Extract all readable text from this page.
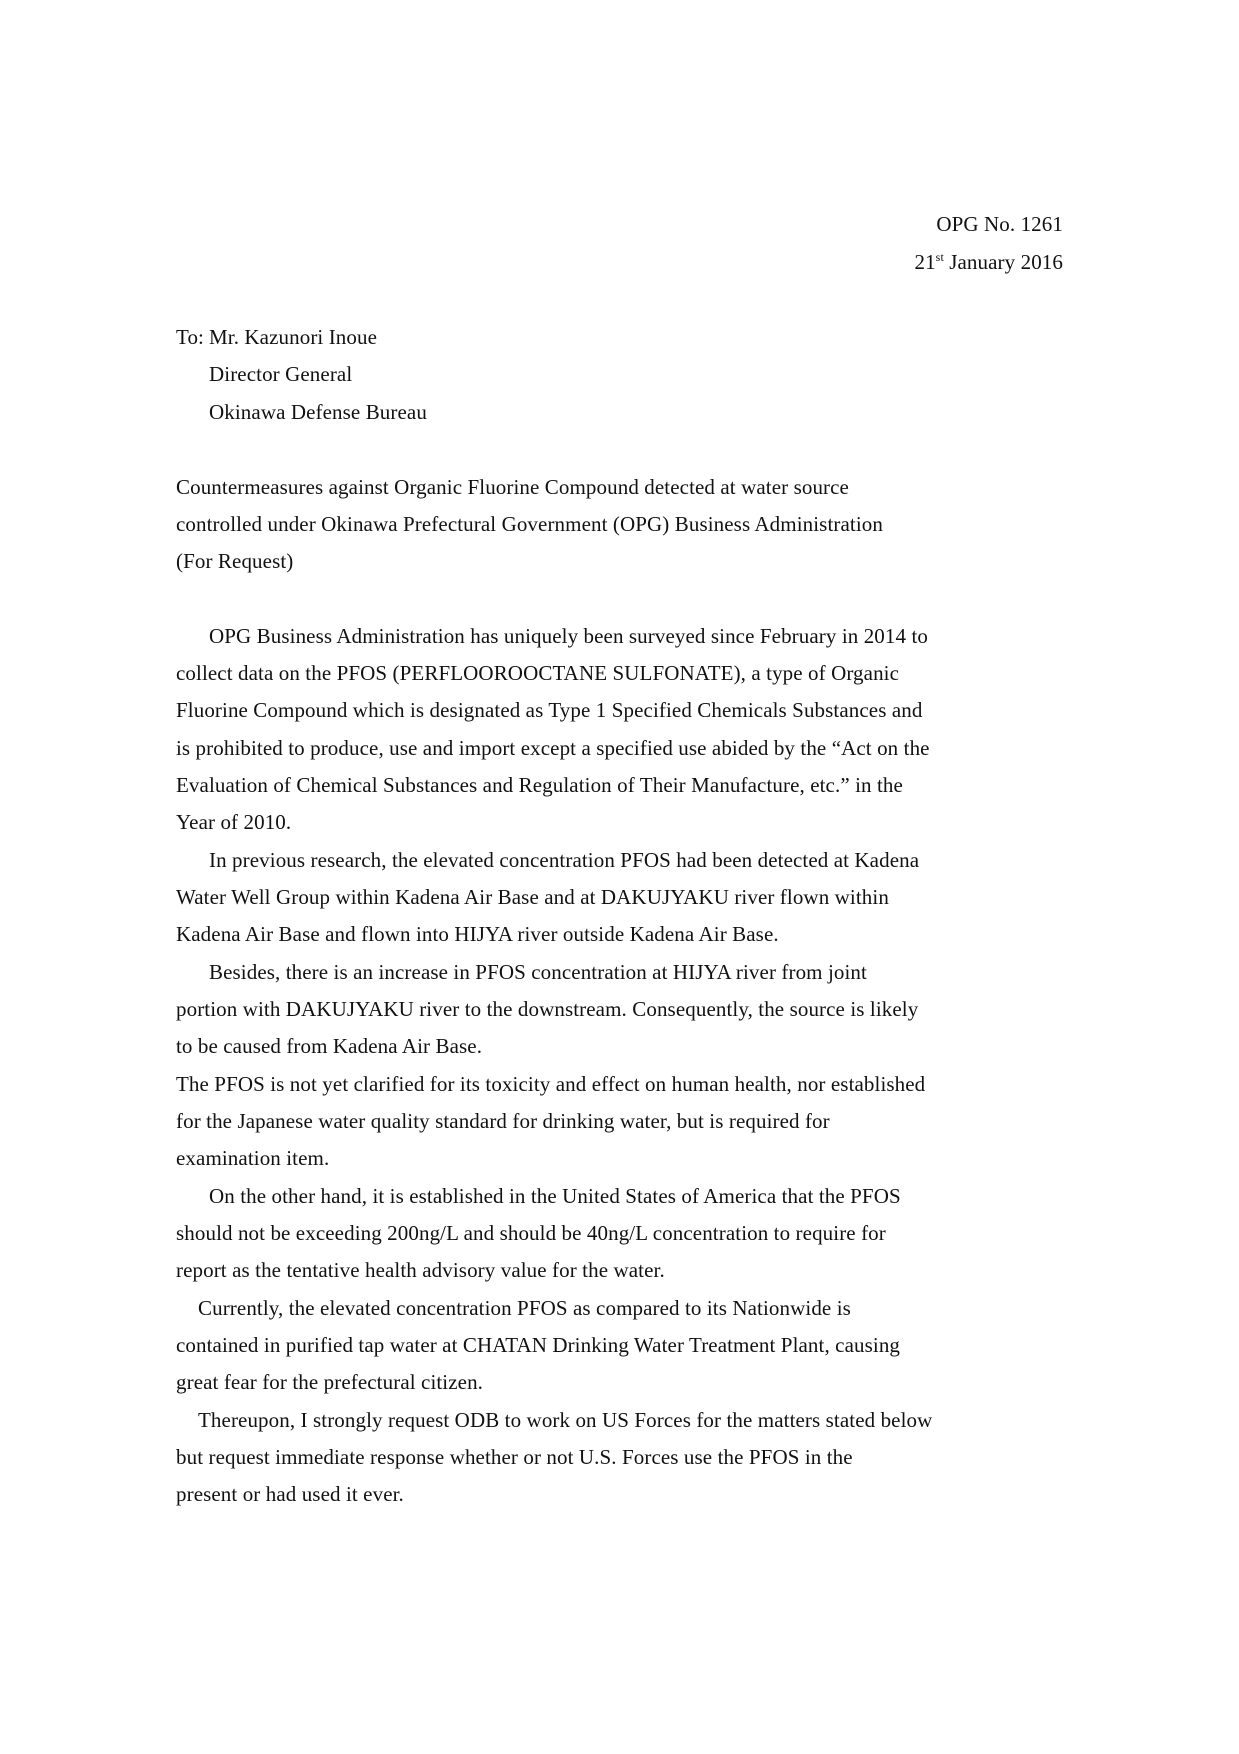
OPG No. 1261
21st January 2016
To: Mr. Kazunori Inoue
Director General
Okinawa Defense Bureau
Countermeasures against Organic Fluorine Compound detected at water source
controlled under Okinawa Prefectural Government (OPG) Business Administration
(For Request)
OPG Business Administration has uniquely been surveyed since February in 2014 to
collect data on the PFOS (PERFLOOROOCTANE SULFONATE), a type of Organic
Fluorine Compound which is designated as Type 1 Specified Chemicals Substances and
is prohibited to produce, use and import except a specified use abided by the “Act on the
Evaluation of Chemical Substances and Regulation of Their Manufacture, etc.” in the
Year of 2010.
In previous research, the elevated concentration PFOS had been detected at Kadena
Water Well Group within Kadena Air Base and at DAKUJYAKU river flown within
Kadena Air Base and flown into HIJYA river outside Kadena Air Base.
Besides, there is an increase in PFOS concentration at HIJYA river from joint
portion with DAKUJYAKU river to the downstream. Consequently, the source is likely
to be caused from Kadena Air Base.
The PFOS is not yet clarified for its toxicity and effect on human health, nor established
for the Japanese water quality standard for drinking water, but is required for
examination item.
On the other hand, it is established in the United States of America that the PFOS
should not be exceeding 200ng/L and should be 40ng/L concentration to require for
report as the tentative health advisory value for the water.
Currently, the elevated concentration PFOS as compared to its Nationwide is
contained in purified tap water at CHATAN Drinking Water Treatment Plant, causing
great fear for the prefectural citizen.
Thereupon, I strongly request ODB to work on US Forces for the matters stated below
but request immediate response whether or not U.S. Forces use the PFOS in the
present or had used it ever.
